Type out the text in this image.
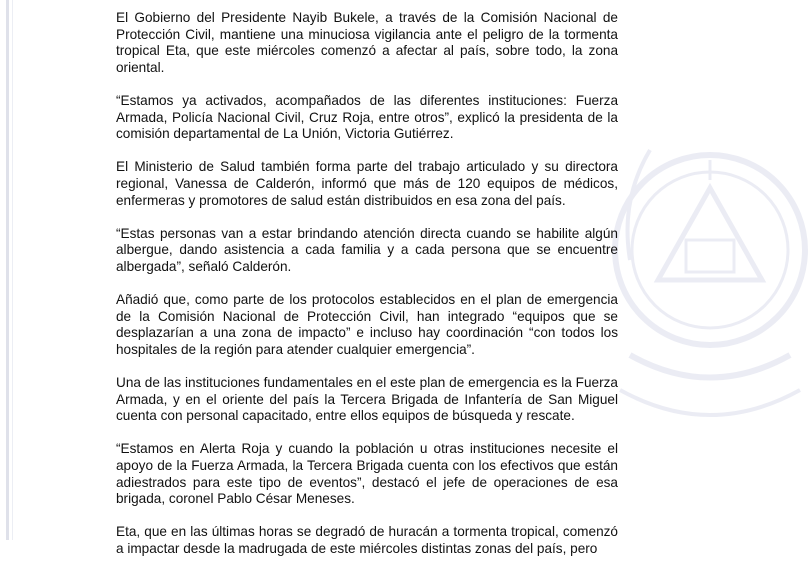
El Gobierno del Presidente Nayib Bukele, a través de la Comisión Nacional de Protección Civil, mantiene una minuciosa vigilancia ante el peligro de la tormenta tropical Eta, que este miércoles comenzó a afectar al país, sobre todo, la zona oriental.

“Estamos ya activados, acompañados de las diferentes instituciones: Fuerza Armada, Policía Nacional Civil, Cruz Roja, entre otros”, explicó la presidenta de la comisión departamental de La Unión, Victoria Gutiérrez.

El Ministerio de Salud también forma parte del trabajo articulado y su directora regional, Vanessa de Calderón, informó que más de 120 equipos de médicos, enfermeras y promotores de salud están distribuidos en esa zona del país.

“Estas personas van a estar brindando atención directa cuando se habilite algún albergue, dando asistencia a cada familia y a cada persona que se encuentre albergada”, señaló Calderón.

Añadió que, como parte de los protocolos establecidos en el plan de emergencia de la Comisión Nacional de Protección Civil, han integrado “equipos que se desplazarían a una zona de impacto” e incluso hay coordinación “con todos los hospitales de la región para atender cualquier emergencia”.

Una de las instituciones fundamentales en el este plan de emergencia es la Fuerza Armada, y en el oriente del país la Tercera Brigada de Infantería de San Miguel cuenta con personal capacitado, entre ellos equipos de búsqueda y rescate.

“Estamos en Alerta Roja y cuando la población u otras instituciones necesite el apoyo de la Fuerza Armada, la Tercera Brigada cuenta con los efectivos que están adiestrados para este tipo de eventos”, destacó el jefe de operaciones de esa brigada, coronel Pablo César Meneses.

Eta, que en las últimas horas se degradó de huracán a tormenta tropical, comenzó a impactar desde la madrugada de este miércoles distintas zonas del país, pero
